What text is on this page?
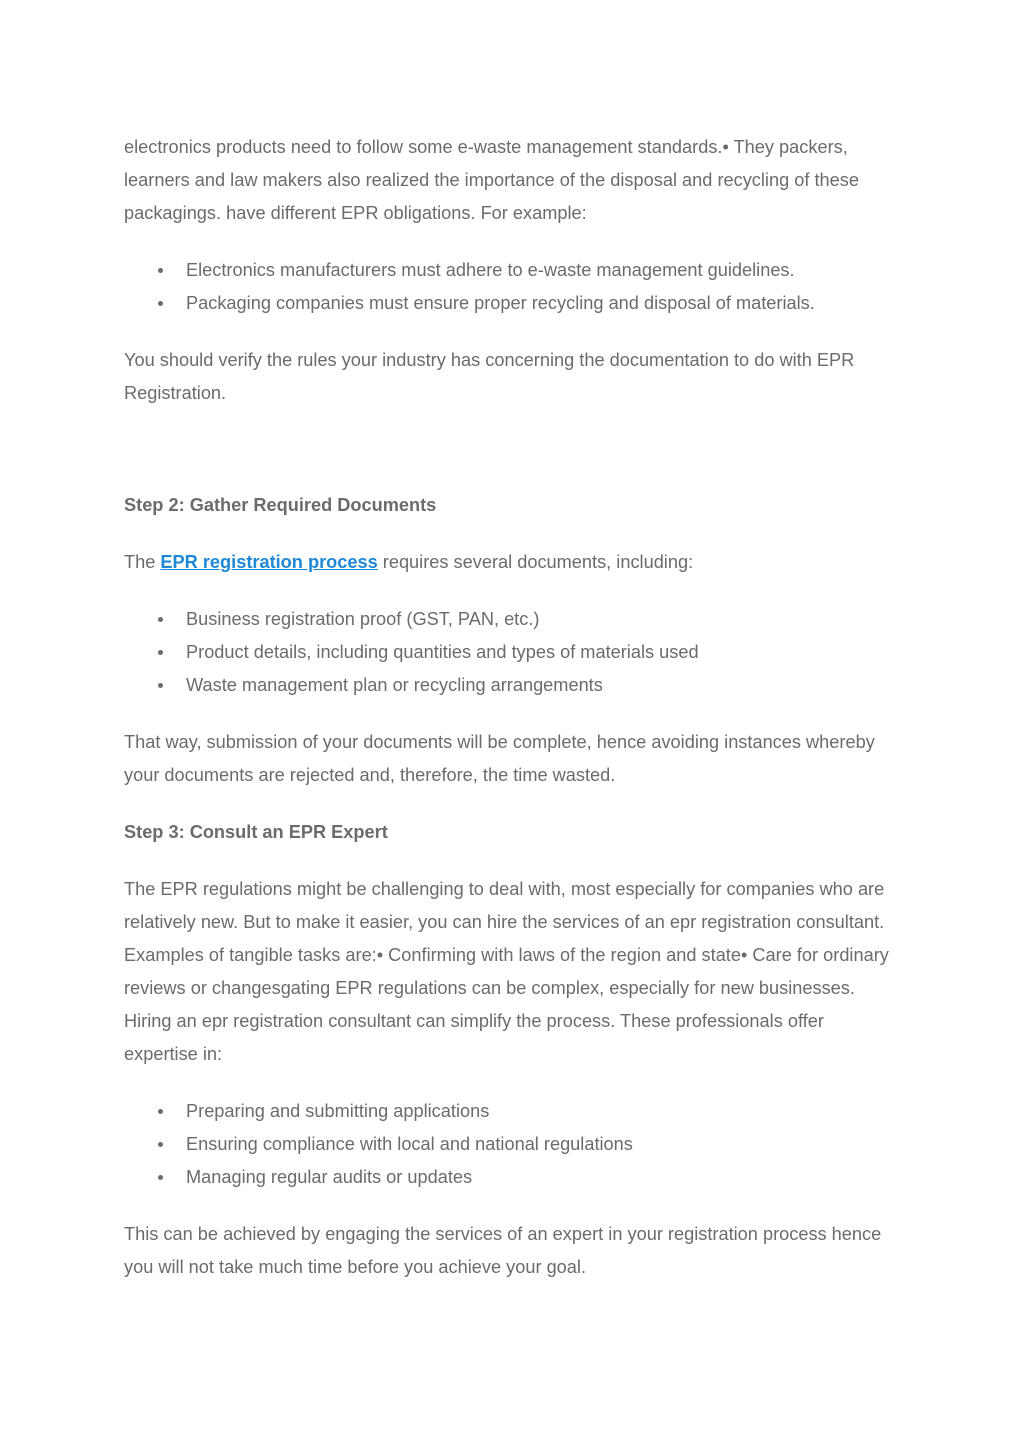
electronics products need to follow some e-waste management standards.• They packers, learners and law makers also realized the importance of the disposal and recycling of these packagings. have different EPR obligations. For example:

Electronics manufacturers must adhere to e-waste management guidelines.
Packaging companies must ensure proper recycling and disposal of materials.

You should verify the rules your industry has concerning the documentation to do with EPR Registration.

Step 2: Gather Required Documents

The EPR registration process requires several documents, including:

Business registration proof (GST, PAN, etc.)
Product details, including quantities and types of materials used
Waste management plan or recycling arrangements

That way, submission of your documents will be complete, hence avoiding instances whereby your documents are rejected and, therefore, the time wasted.

Step 3: Consult an EPR Expert

The EPR regulations might be challenging to deal with, most especially for companies who are relatively new. But to make it easier, you can hire the services of an epr registration consultant. Examples of tangible tasks are:• Confirming with laws of the region and state• Care for ordinary reviews or changesgating EPR regulations can be complex, especially for new businesses. Hiring an epr registration consultant can simplify the process. These professionals offer expertise in:

Preparing and submitting applications
Ensuring compliance with local and national regulations
Managing regular audits or updates

This can be achieved by engaging the services of an expert in your registration process hence you will not take much time before you achieve your goal.
